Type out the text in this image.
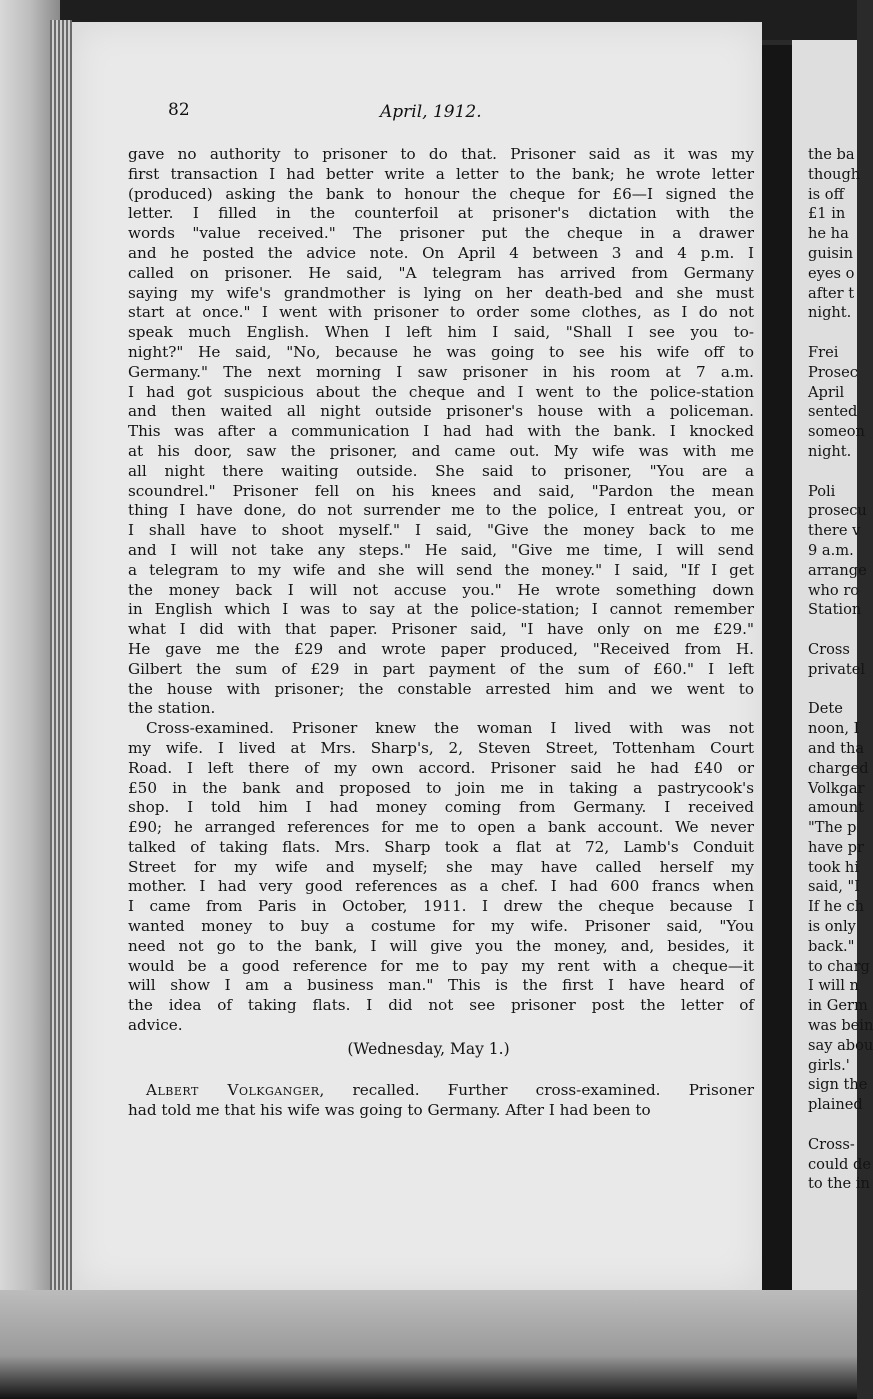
82	April, 1912.
gave no authority to prisoner to do that. Prisoner said as it was my
first transaction I had better write a letter to the bank; he wrote letter
(produced) asking the bank to honour the cheque for £6—I signed the
letter. I filled in the counterfoil at prisoner's dictation with the
words "value received." The prisoner put the cheque in a drawer
and he posted the advice note. On April 4 between 3 and 4 p.m. I
called on prisoner. He said, "A telegram has arrived from Germany
saying my wife's grandmother is lying on her death-bed and she must
start at once." I went with prisoner to order some clothes, as I do not
speak much English. When I left him I said, "Shall I see you to-
night?" He said, "No, because he was going to see his wife off to
Germany." The next morning I saw prisoner in his room at 7 a.m.
I had got suspicious about the cheque and I went to the police-station
and then waited all night outside prisoner's house with a policeman.
This was after a communication I had had with the bank. I knocked
at his door, saw the prisoner, and came out. My wife was with me
all night there waiting outside. She said to prisoner, "You are a
scoundrel." Prisoner fell on his knees and said, "Pardon the mean
thing I have done, do not surrender me to the police, I entreat you, or
I shall have to shoot myself." I said, "Give the money back to me
and I will not take any steps." He said, "Give me time, I will send
a telegram to my wife and she will send the money." I said, "If I get
the money back I will not accuse you." He wrote something down
in English which I was to say at the police-station; I cannot remember
what I did with that paper. Prisoner said, "I have only on me £29."
He gave me the £29 and wrote paper produced, "Received from H.
Gilbert the sum of £29 in part payment of the sum of £60." I left
the house with prisoner; the constable arrested him and we went to
the station.
Cross-examined. Prisoner knew the woman I lived with was not
my wife. I lived at Mrs. Sharp's, 2, Steven Street, Tottenham Court
Road. I left there of my own accord. Prisoner said he had £40 or
£50 in the bank and proposed to join me in taking a pastrycook's
shop. I told him I had money coming from Germany. I received
£90; he arranged references for me to open a bank account. We never
talked of taking flats. Mrs. Sharp took a flat at 72, Lamb's Conduit
Street for my wife and myself; she may have called herself my
mother. I had very good references as a chef. I had 600 francs when
I came from Paris in October, 1911. I drew the cheque because I
wanted money to buy a costume for my wife. Prisoner said, "You
need not go to the bank, I will give you the money, and, besides, it
would be a good reference for me to pay my rent with a cheque—it
will show I am a business man." This is the first I have heard of
the idea of taking flats. I did not see prisoner post the letter of
advice.
(Wednesday, May 1.)
Albert Volkganger, recalled. Further cross-examined. Prisoner
had told me that his wife was going to Germany. After I had been to
the ba
though
is off
£1 in
he ha
guisin
eyes o
after t
night.

Frei
Prosec
April
sented
someon
night.

Poli
prosecu
there v
9 a.m.
arrange
who ro
Station

Cross
privatel

Dete
noon, I
and tha
charged
Volkgar
amount
"The p
have pr
took hi
said, "I
If he ch
is only
back."
to charg
I will n
in Germ
was bein
say abou
girls.'
sign the
plained

Cross-
could de
to the in
